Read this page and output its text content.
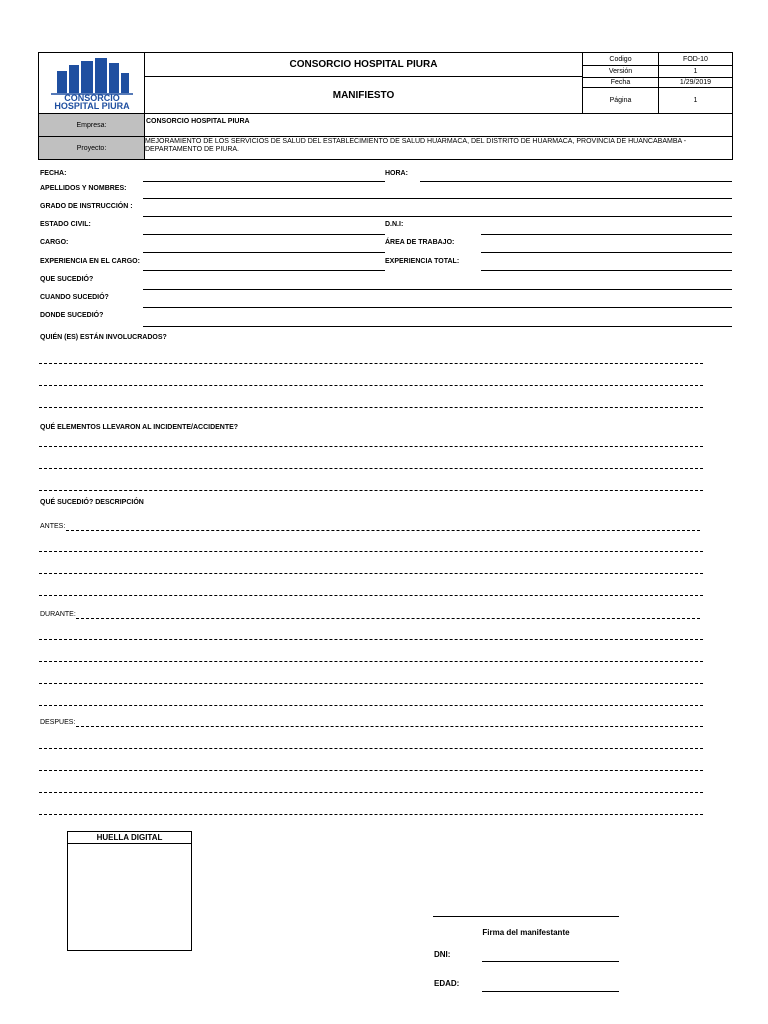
CONSORCIO
HOSPITAL PIURA
CONSORCIO HOSPITAL PIURA
MANIFIESTO
Codigo	FOD-10
Versión	1
Fecha	1/29/2019
Página	1
Empresa:	CONSORCIO HOSPITAL PIURA
Proyecto:
MEJORAMIENTO DE LOS SERVICIOS DE SALUD DEL ESTABLECIMIENTO DE SALUD HUARMACA, DEL DISTRITO DE HUARMACA, PROVINCIA DE HUANCABAMBA - DEPARTAMENTO DE PIURA.
FECHA:	HORA:
APELLIDOS Y NOMBRES:
GRADO DE INSTRUCCIÓN :
ESTADO CIVIL:	D.N.I:
CARGO:	ÁREA DE TRABAJO:
EXPERIENCIA EN EL CARGO:	EXPERIENCIA TOTAL:
QUE SUCEDIÓ?
CUANDO SUCEDIÓ?
DONDE SUCEDIÓ?
QUIÉN (ES) ESTÁN INVOLUCRADOS?
QUÉ ELEMENTOS LLEVARON AL INCIDENTE/ACCIDENTE?
QUÉ SUCEDIÓ? DESCRIPCIÓN
ANTES:
DURANTE:
DESPUES:
HUELLA DIGITAL
Firma del manifestante
DNI:
EDAD:
